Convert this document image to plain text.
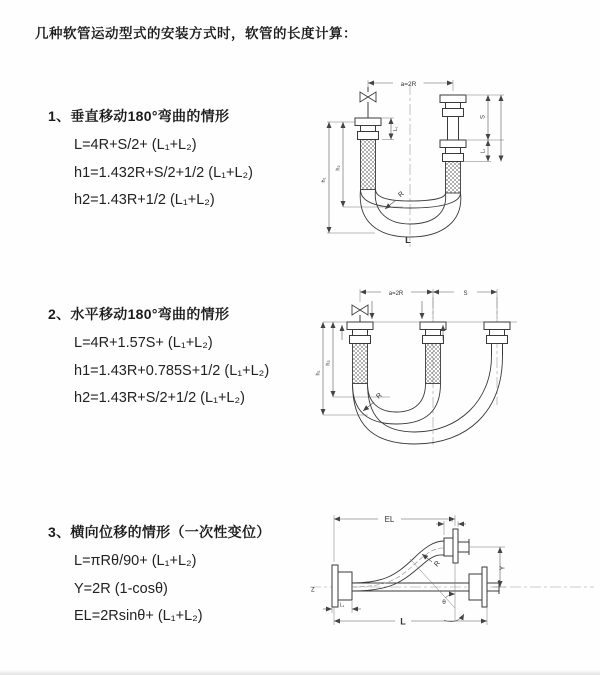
几种软管运动型式的安装方式时，软管的长度计算：
1、垂直移动180°弯曲的情形
L=4R+S/2+ (L₁+L₂)
h1=1.432R+S/2+1/2 (L₁+L₂)
h2=1.43R+1/2 (L₁+L₂)
2、水平移动180°弯曲的情形
L=4R+1.57S+ (L₁+L₂)
h1=1.43R+0.785S+1/2 (L₁+L₂)
h2=1.43R+S/2+1/2 (L₁+L₂)
3、横向位移的情形（一次性变位）
L=πRθ/90+ (L₁+L₂)
Y=2R (1-cosθ)
EL=2Rsinθ+ (L₁+L₂)
a=2R
L₁
S
L₁
h₁
h₂
R
L
a=2R	S
h₁
h₂
R
Z
θ
R
EL	L₂
Y
L
L₁
